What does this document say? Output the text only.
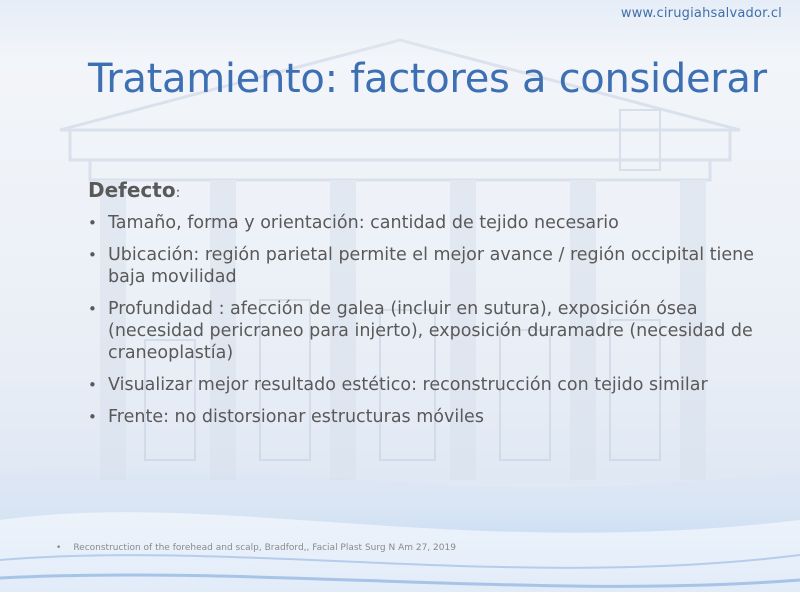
www.cirugiahsalvador.cl
Tratamiento: factores a considerar
Defecto:
• Tamaño, forma y orientación: cantidad de tejido necesario
• Ubicación: región parietal permite el mejor avance / región occipital tiene baja movilidad
• Profundidad : afección de galea (incluir en sutura), exposición ósea (necesidad pericraneo para injerto), exposición duramadre (necesidad de craneoplastía)
• Visualizar mejor resultado estético: reconstrucción con tejido similar
• Frente: no distorsionar estructuras móviles
• Reconstruction of the forehead and scalp, Bradford,, Facial Plast Surg N Am 27, 2019
